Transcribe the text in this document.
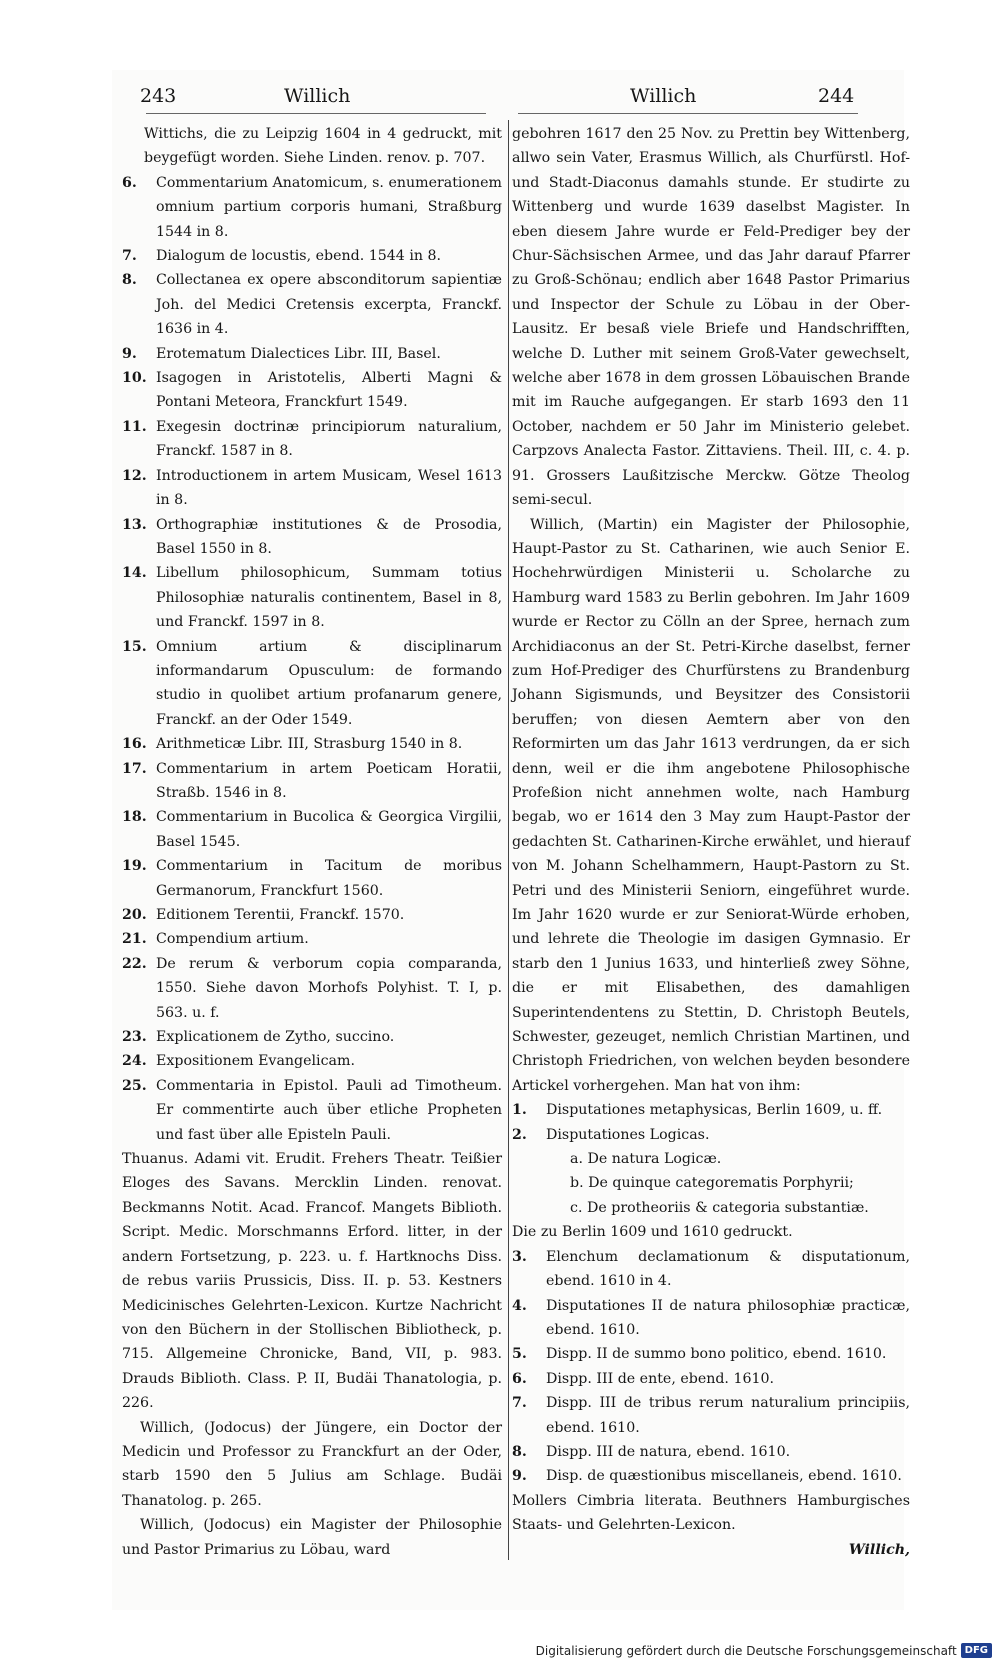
243	Willich	Willich	244

Wittichs, die zu Leipzig 1604 in 4 gedruckt, mit beygefügt worden. Siehe Linden. renov. p. 707.

6. Commentarium Anatomicum, s. enumerationem omnium partium corporis humani, Straßburg 1544 in 8.

7. Dialogum de locustis, ebend. 1544 in 8.

8. Collectanea ex opere absconditorum sapientiæ Joh. del Medici Cretensis excerpta, Franckf. 1636 in 4.

9. Erotematum Dialectices Libr. III, Basel.

10. Isagogen in Aristotelis, Alberti Magni & Pontani Meteora, Franckfurt 1549.

11. Exegesin doctrinæ principiorum naturalium, Franckf. 1587 in 8.

12. Introductionem in artem Musicam, Wesel 1613 in 8.

13. Orthographiæ institutiones & de Prosodia, Basel 1550 in 8.

14. Libellum philosophicum, Summam totius Philosophiæ naturalis continentem, Basel in 8, und Franckf. 1597 in 8.

15. Omnium artium & disciplinarum informandarum Opusculum: de formando studio in quolibet artium profanarum genere, Franckf. an der Oder 1549.

16. Arithmeticæ Libr. III, Strasburg 1540 in 8.

17. Commentarium in artem Poeticam Horatii, Straßb. 1546 in 8.

18. Commentarium in Bucolica & Georgica Virgilii, Basel 1545.

19. Commentarium in Tacitum de moribus Germanorum, Franckfurt 1560.

20. Editionem Terentii, Franckf. 1570.

21. Compendium artium.

22. De rerum & verborum copia comparanda, 1550. Siehe davon Morhofs Polyhist. T. I, p. 563. u. f.

23. Explicationem de Zytho, succino.

24. Expositionem Evangelicam.

25. Commentaria in Epistol. Pauli ad Timotheum. Er commentirte auch über etliche Propheten und fast über alle Episteln Pauli.

Thuanus. Adami vit. Erudit. Frehers Theatr. Teißier Eloges des Savans. Mercklin Linden. renovat. Beckmanns Notit. Acad. Francof. Mangets Biblioth. Script. Medic. Morschmanns Erford. litter, in der andern Fortsetzung, p. 223. u. f. Hartknochs Diss. de rebus variis Prussicis, Diss. II. p. 53. Kestners Medicinisches Gelehrten-Lexicon. Kurtze Nachricht von den Büchern in der Stollischen Bibliotheck, p. 715. Allgemeine Chronicke, Band, VII, p. 983. Drauds Biblioth. Class. P. II, Budäi Thanatologia, p. 226.

Willich, (Jodocus) der Jüngere, ein Doctor der Medicin und Professor zu Franckfurt an der Oder, starb 1590 den 5 Julius am Schlage. Budäi Thanatolog. p. 265.

Willich, (Jodocus) ein Magister der Philosophie und Pastor Primarius zu Löbau, ward

gebohren 1617 den 25 Nov. zu Prettin bey Wittenberg, allwo sein Vater, Erasmus Willich, als Churfürstl. Hof- und Stadt-Diaconus damahls stunde. Er studirte zu Wittenberg und wurde 1639 daselbst Magister. In eben diesem Jahre wurde er Feld-Prediger bey der Chur-Sächsischen Armee, und das Jahr darauf Pfarrer zu Groß-Schönau; endlich aber 1648 Pastor Primarius und Inspector der Schule zu Löbau in der Ober-Lausitz. Er besaß viele Briefe und Handschrifften, welche D. Luther mit seinem Groß-Vater gewechselt, welche aber 1678 in dem grossen Löbauischen Brande mit im Rauche aufgegangen. Er starb 1693 den 11 October, nachdem er 50 Jahr im Ministerio gelebet. Carpzovs Analecta Fastor. Zittaviens. Theil. III, c. 4. p. 91. Grossers Laußitzische Merckw. Götze Theolog semi-secul.

Willich, (Martin) ein Magister der Philosophie, Haupt-Pastor zu St. Catharinen, wie auch Senior E. Hochehrwürdigen Ministerii u. Scholarche zu Hamburg ward 1583 zu Berlin gebohren. Im Jahr 1609 wurde er Rector zu Cölln an der Spree, hernach zum Archidiaconus an der St. Petri-Kirche daselbst, ferner zum Hof-Prediger des Churfürstens zu Brandenburg Johann Sigismunds, und Beysitzer des Consistorii beruffen; von diesen Aemtern aber von den Reformirten um das Jahr 1613 verdrungen, da er sich denn, weil er die ihm angebotene Philosophische Profeßion nicht annehmen wolte, nach Hamburg begab, wo er 1614 den 3 May zum Haupt-Pastor der gedachten St. Catharinen-Kirche erwählet, und hierauf von M. Johann Schelhammern, Haupt-Pastorn zu St. Petri und des Ministerii Seniorn, eingeführet wurde. Im Jahr 1620 wurde er zur Seniorat-Würde erhoben, und lehrete die Theologie im dasigen Gymnasio. Er starb den 1 Junius 1633, und hinterließ zwey Söhne, die er mit Elisabethen, des damahligen Superintendentens zu Stettin, D. Christoph Beutels, Schwester, gezeuget, nemlich Christian Martinen, und Christoph Friedrichen, von welchen beyden besondere Artickel vorhergehen. Man hat von ihm:

1. Disputationes metaphysicas, Berlin 1609, u. ff.

2. Disputationes Logicas.

a. De natura Logicæ.

b. De quinque categorematis Porphyrii;

c. De protheoriis & categoria substantiæ.

Die zu Berlin 1609 und 1610 gedruckt.

3. Elenchum declamationum & disputationum, ebend. 1610 in 4.

4. Disputationes II de natura philosophiæ practicæ, ebend. 1610.

5. Dispp. II de summo bono politico, ebend. 1610.

6. Dispp. III de ente, ebend. 1610.

7. Dispp. III de tribus rerum naturalium principiis, ebend. 1610.

8. Dispp. III de natura, ebend. 1610.

9. Disp. de quæstionibus miscellaneis, ebend. 1610.

Mollers Cimbria literata. Beuthners Hamburgisches Staats- und Gelehrten-Lexicon.

Willich,

Digitalisierung gefördert durch die Deutsche Forschungsgemeinschaft DFG
